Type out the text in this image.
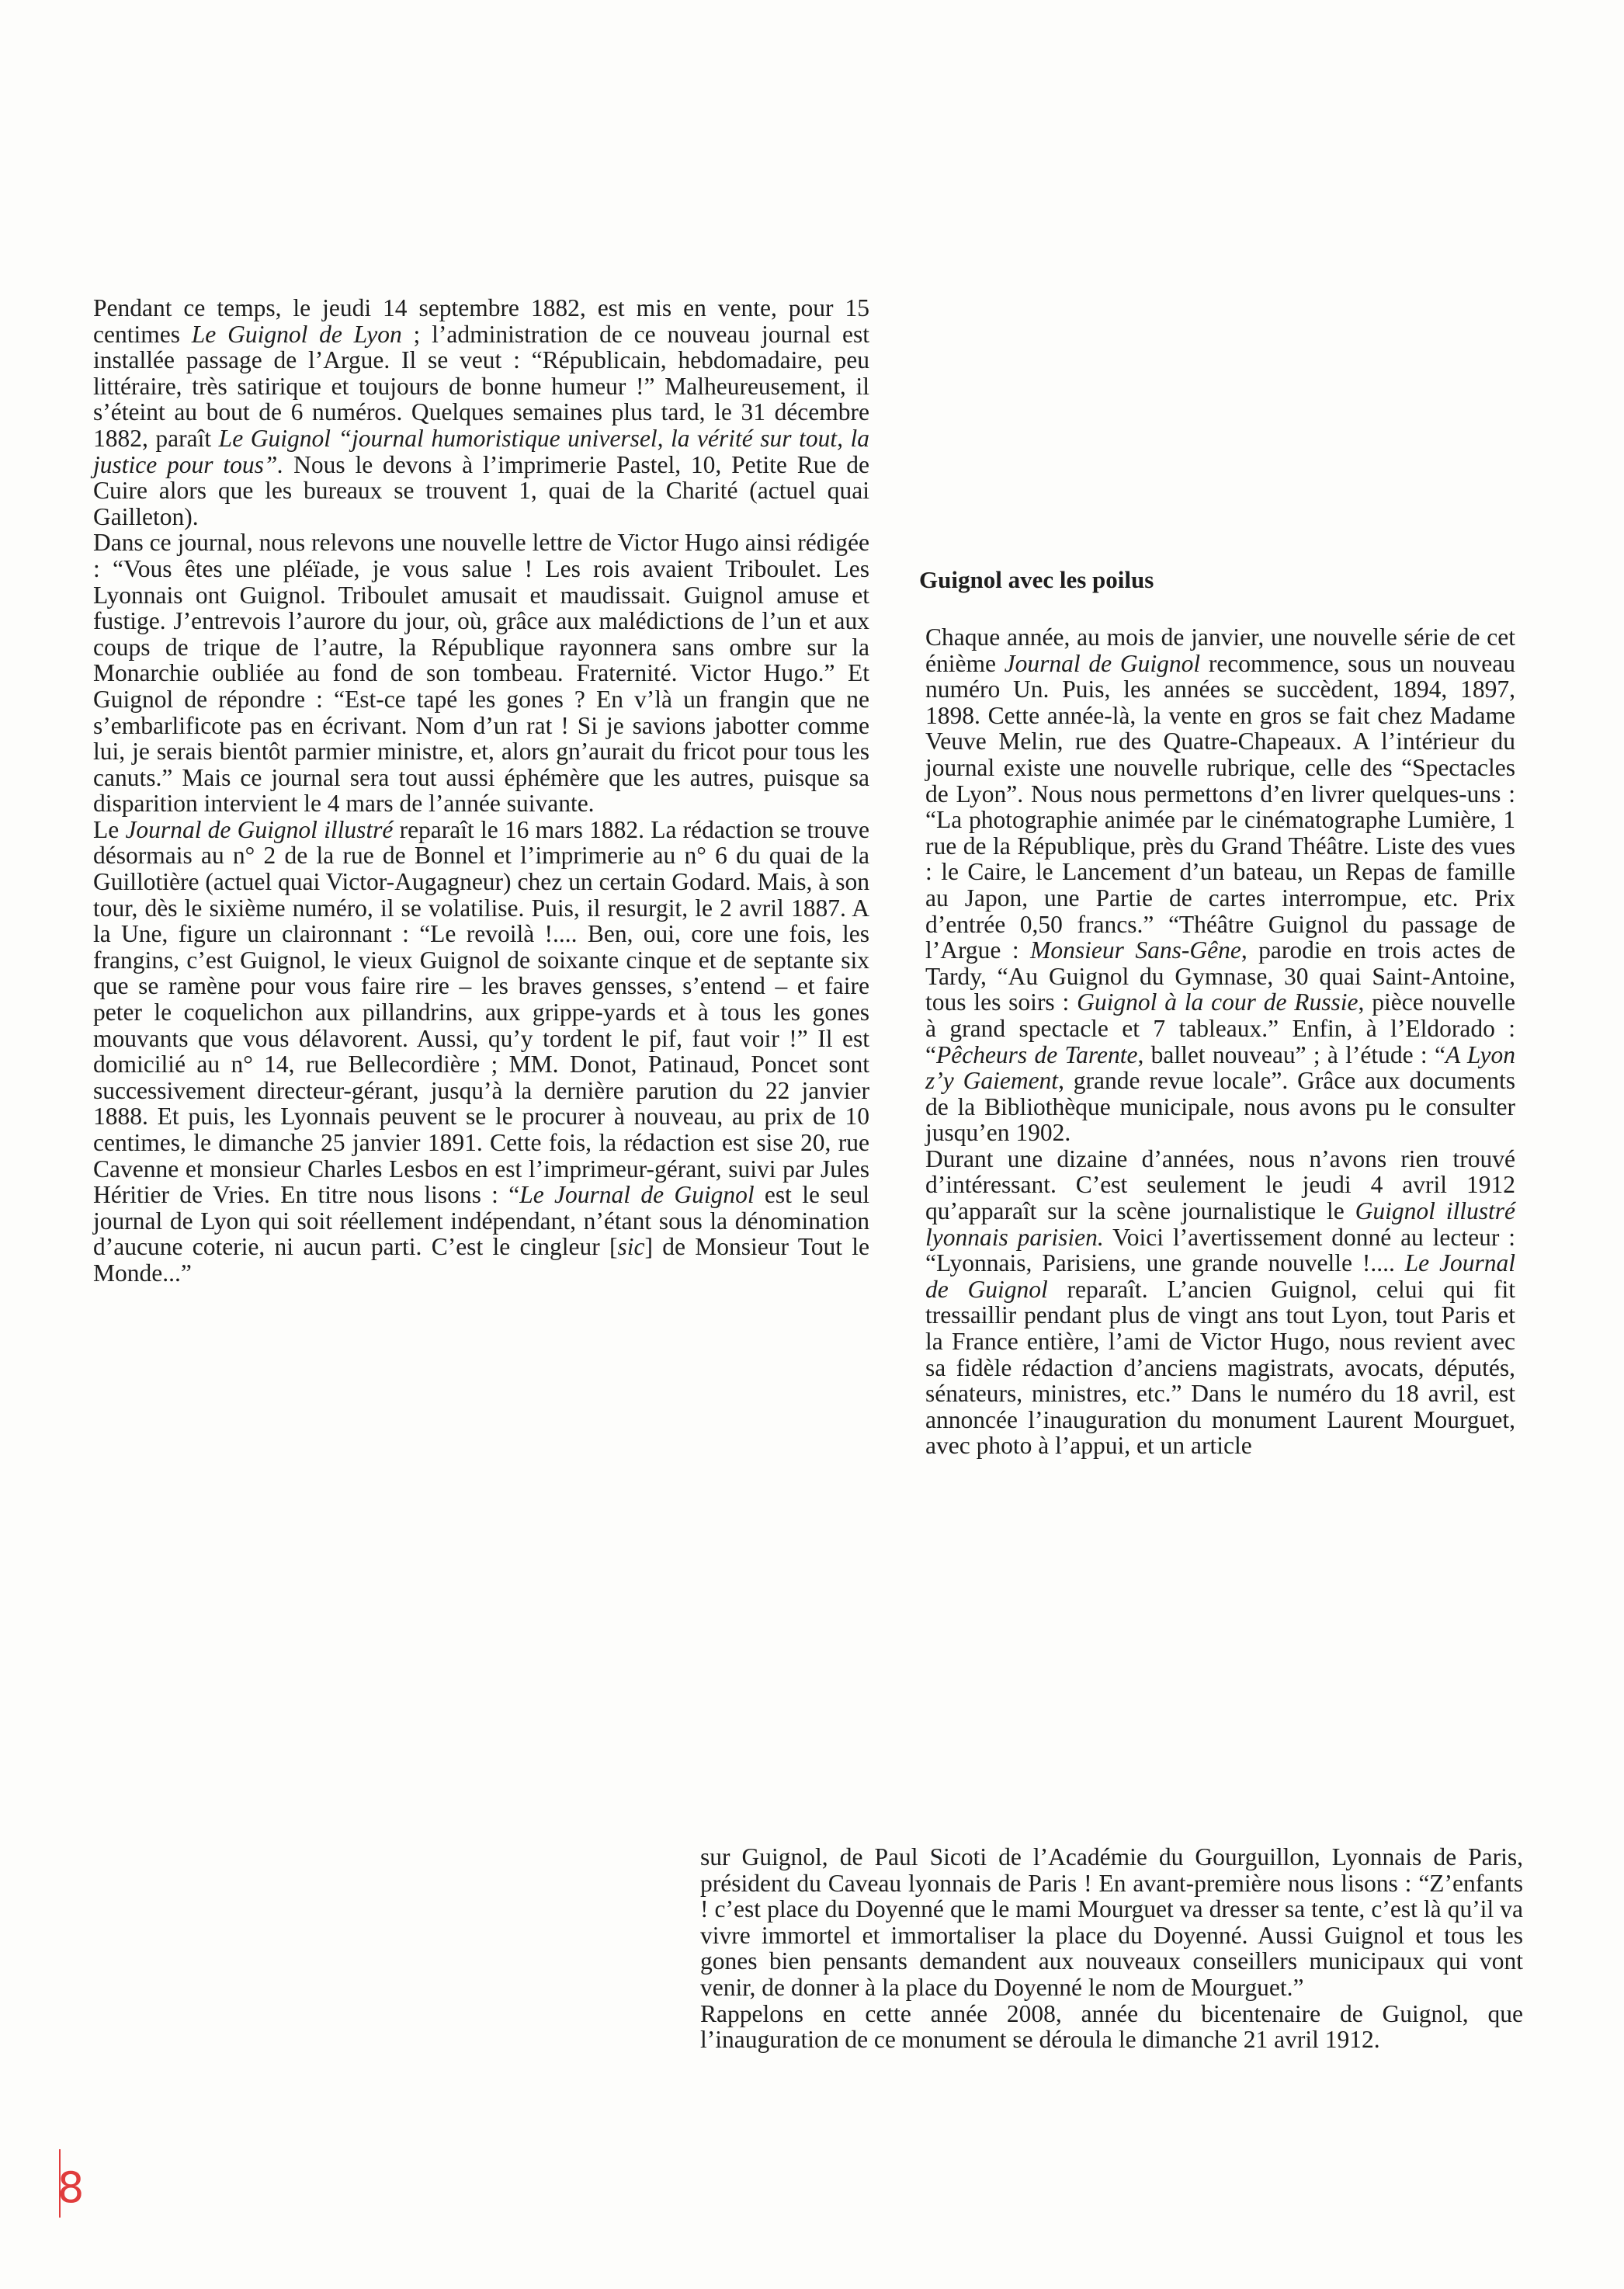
Pendant ce temps, le jeudi 14 septembre 1882, est mis en vente, pour 15 centimes Le Guignol de Lyon ; l’administration de ce nouveau journal est installée passage de l’Argue. Il se veut : “Républicain, hebdomadaire, peu littéraire, très satirique et toujours de bonne humeur !” Malheureusement, il s’éteint au bout de 6 numéros. Quelques semaines plus tard, le 31 décembre 1882, paraît Le Guignol “journal humoristique universel, la vérité sur tout, la justice pour tous”. Nous le devons à l’imprimerie Pastel, 10, Petite Rue de Cuire alors que les bureaux se trouvent 1, quai de la Charité (actuel quai Gailleton).

Dans ce journal, nous relevons une nouvelle lettre de Victor Hugo ainsi rédigée : “Vous êtes une pléïade, je vous salue ! Les rois avaient Triboulet. Les Lyonnais ont Guignol. Triboulet amusait et maudissait. Guignol amuse et fustige. J’entrevois l’aurore du jour, où, grâce aux malédictions de l’un et aux coups de trique de l’autre, la République rayonnera sans ombre sur la Monarchie oubliée au fond de son tombeau. Fraternité. Victor Hugo.” Et Guignol de répondre : “Est-ce tapé les gones ? En v’là un frangin que ne s’embarlificote pas en écrivant. Nom d’un rat ! Si je savions jabotter comme lui, je serais bientôt parmier ministre, et, alors gn’aurait du fricot pour tous les canuts.” Mais ce journal sera tout aussi éphémère que les autres, puisque sa disparition intervient le 4 mars de l’année suivante.

Le Journal de Guignol illustré reparaît le 16 mars 1882. La rédaction se trouve désormais au n° 2 de la rue de Bonnel et l’imprimerie au n° 6 du quai de la Guillotière (actuel quai Victor-Augagneur) chez un certain Godard. Mais, à son tour, dès le sixième numéro, il se volatilise. Puis, il resurgit, le 2 avril 1887. A la Une, figure un claironnant : “Le revoilà !.... Ben, oui, core une fois, les frangins, c’est Guignol, le vieux Guignol de soixante cinque et de septante six que se ramène pour vous faire rire – les braves gensses, s’entend – et faire peter le coquelichon aux pillandrins, aux grippe-yards et à tous les gones mouvants que vous délavorent. Aussi, qu’y tordent le pif, faut voir !” Il est domicilié au n° 14, rue Bellecordière ; MM. Donot, Patinaud, Poncet sont successivement directeur-gérant, jusqu’à la dernière parution du 22 janvier 1888. Et puis, les Lyonnais peuvent se le procurer à nouveau, au prix de 10 centimes, le dimanche 25 janvier 1891. Cette fois, la rédaction est sise 20, rue Cavenne et monsieur Charles Lesbos en est l’imprimeur-gérant, suivi par Jules Héritier de Vries. En titre nous lisons : “Le Journal de Guignol est le seul journal de Lyon qui soit réellement indépendant, n’étant sous la dénomination d’aucune coterie, ni aucun parti. C’est le cingleur [sic] de Monsieur Tout le Monde...”

Guignol avec les poilus

Chaque année, au mois de janvier, une nouvelle série de cet énième Journal de Guignol recommence, sous un nouveau numéro Un. Puis, les années se succèdent, 1894, 1897, 1898. Cette année-là, la vente en gros se fait chez Madame Veuve Melin, rue des Quatre-Chapeaux. A l’intérieur du journal existe une nouvelle rubrique, celle des “Spectacles de Lyon”. Nous nous permettons d’en livrer quelques-uns : “La photographie animée par le cinématographe Lumière, 1 rue de la République, près du Grand Théâtre. Liste des vues : le Caire, le Lancement d’un bateau, un Repas de famille au Japon, une Partie de cartes interrompue, etc. Prix d’entrée 0,50 francs.” “Théâtre Guignol du passage de l’Argue : Monsieur Sans-Gêne, parodie en trois actes de Tardy, “Au Guignol du Gymnase, 30 quai Saint-Antoine, tous les soirs : Guignol à la cour de Russie, pièce nouvelle à grand spectacle et 7 tableaux.” Enfin, à l’Eldorado : “Pêcheurs de Tarente, ballet nouveau” ; à l’étude : “A Lyon z’y Gaiement, grande revue locale”. Grâce aux documents de la Bibliothèque municipale, nous avons pu le consulter jusqu’en 1902.

Durant une dizaine d’années, nous n’avons rien trouvé d’intéressant. C’est seulement le jeudi 4 avril 1912 qu’apparaît sur la scène journalistique le Guignol illustré lyonnais parisien. Voici l’avertissement donné au lecteur : “Lyonnais, Parisiens, une grande nouvelle !.... Le Journal de Guignol reparaît. L’ancien Guignol, celui qui fit tressaillir pendant plus de vingt ans tout Lyon, tout Paris et la France entière, l’ami de Victor Hugo, nous revient avec sa fidèle rédaction d’anciens magistrats, avocats, députés, sénateurs, ministres, etc.” Dans le numéro du 18 avril, est annoncée l’inauguration du monument Laurent Mourguet, avec photo à l’appui, et un article

sur Guignol, de Paul Sicoti de l’Académie du Gourguillon, Lyonnais de Paris, président du Caveau lyonnais de Paris ! En avant-première nous lisons : “Z’enfants ! c’est place du Doyenné que le mami Mourguet va dresser sa tente, c’est là qu’il va vivre immortel et immortaliser la place du Doyenné. Aussi Guignol et tous les gones bien pensants demandent aux nouveaux conseillers municipaux qui vont venir, de donner à la place du Doyenné le nom de Mourguet.”

Rappelons en cette année 2008, année du bicentenaire de Guignol, que l’inauguration de ce monument se déroula le dimanche 21 avril 1912.

8
